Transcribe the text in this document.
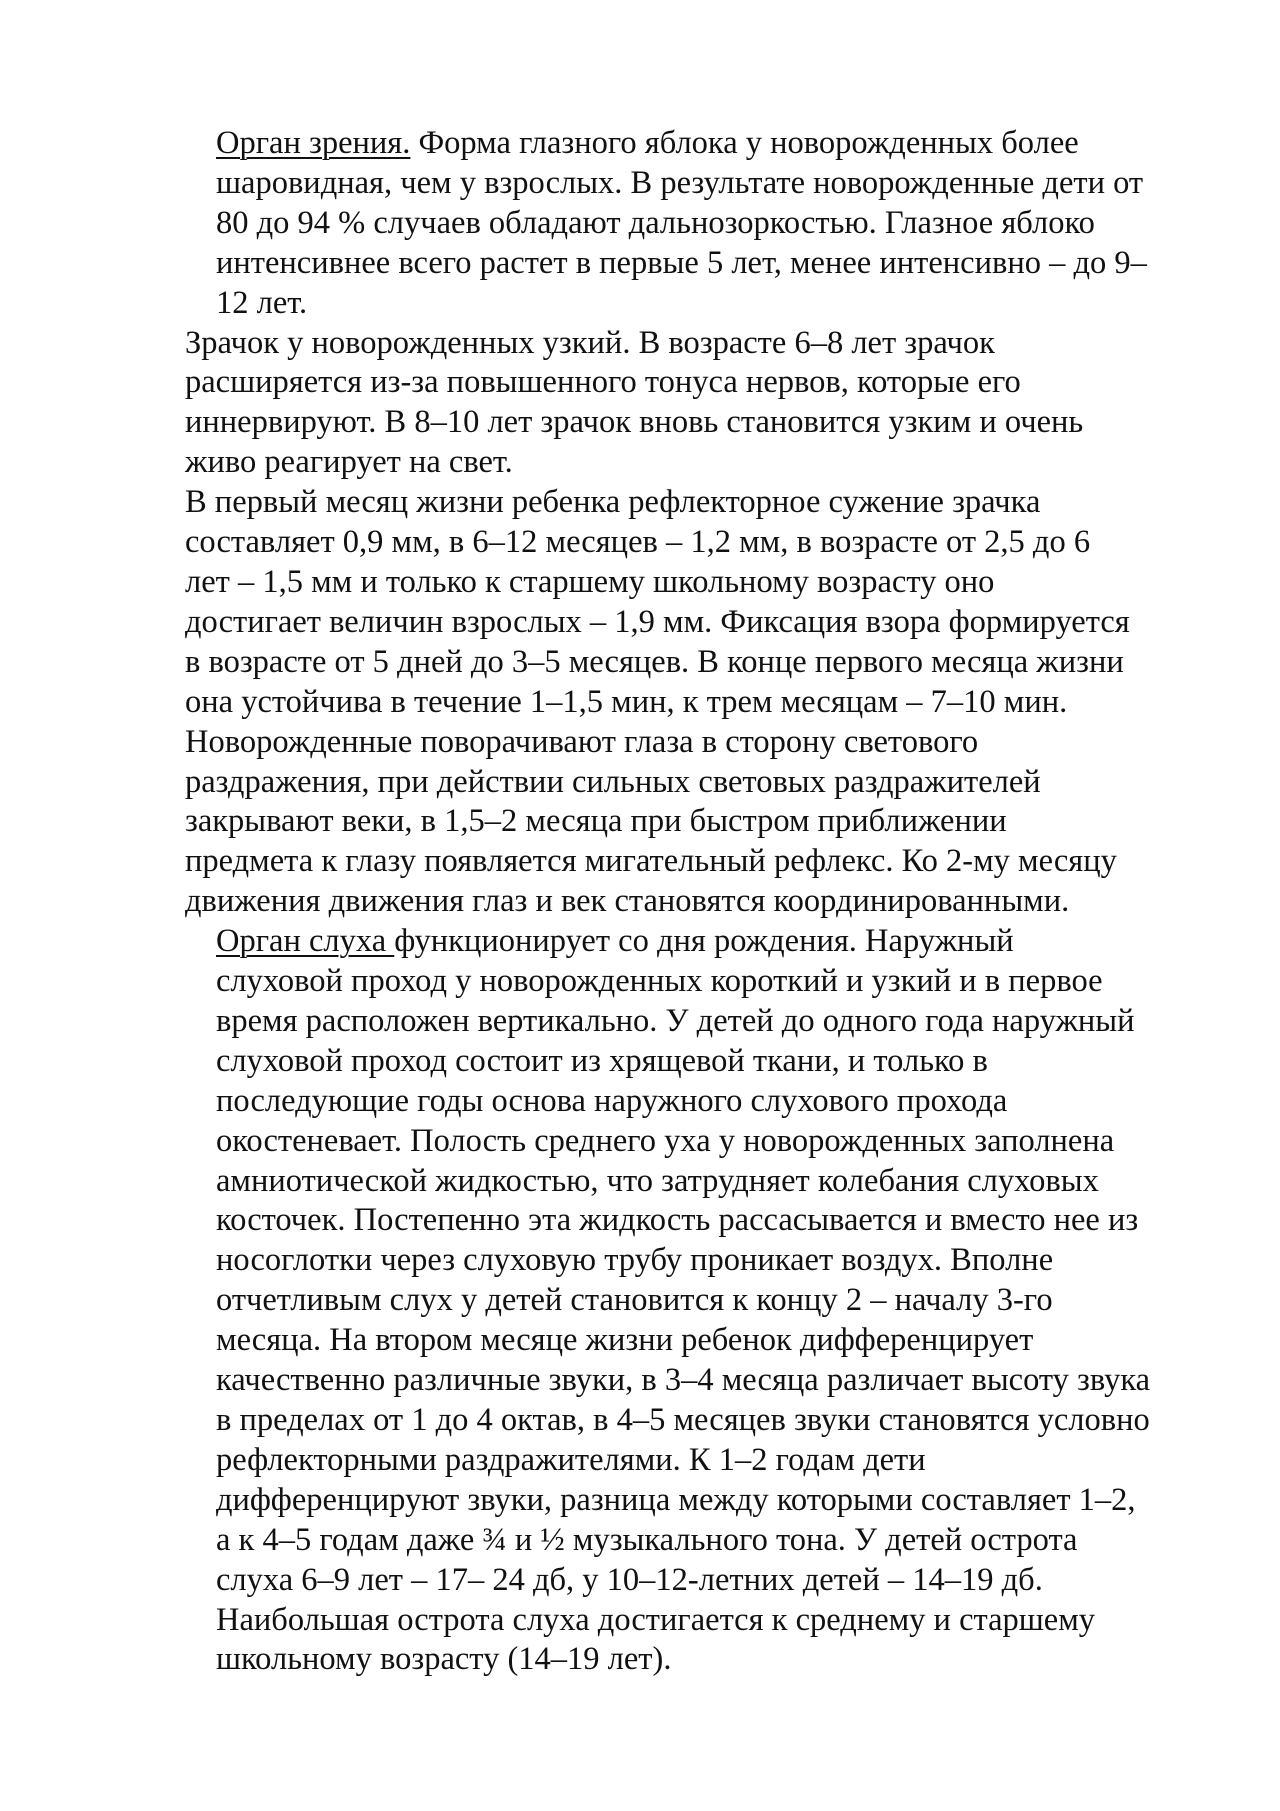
Орган зрения. Форма глазного яблока у новорожденных более
шаровидная, чем у взрослых. В результате новорожденные дети от
80 до 94 % случаев обладают дальнозоркостью. Глазное яблоко
интенсивнее всего растет в первые 5 лет, менее интенсивно – до 9–
12 лет.

Зрачок у новорожденных узкий. В возрасте 6–8 лет зрачок
расширяется из-за повышенного тонуса нервов, которые его
иннервируют. В 8–10 лет зрачок вновь становится узким и очень
живо реагирует на свет.

В первый месяц жизни ребенка рефлекторное сужение зрачка
составляет 0,9 мм, в 6–12 месяцев – 1,2 мм, в возрасте от 2,5 до 6
лет – 1,5 мм и только к старшему школьному возрасту оно
достигает величин взрослых – 1,9 мм. Фиксация взора формируется
в возрасте от 5 дней до 3–5 месяцев. В конце первого месяца жизни
она устойчива в течение 1–1,5 мин, к трем месяцам – 7–10 мин.
Новорожденные поворачивают глаза в сторону светового
раздражения, при действии сильных световых раздражителей
закрывают веки, в 1,5–2 месяца при быстром приближении
предмета к глазу появляется мигательный рефлекс. Ко 2-му месяцу
движения движения глаз и век становятся координированными.

Орган слуха функционирует со дня рождения. Наружный
слуховой проход у новорожденных короткий и узкий и в первое
время расположен вертикально. У детей до одного года наружный
слуховой проход состоит из хрящевой ткани, и только в
последующие годы основа наружного слухового прохода
окостеневает. Полость среднего уха у новорожденных заполнена
амниотической жидкостью, что затрудняет колебания слуховых
косточек. Постепенно эта жидкость рассасывается и вместо нее из
носоглотки через слуховую трубу проникает воздух. Вполне
отчетливым слух у детей становится к концу 2 – началу 3-го
месяца. На втором месяце жизни ребенок дифференцирует
качественно различные звуки, в 3–4 месяца различает высоту звука
в пределах от 1 до 4 октав, в 4–5 месяцев звуки становятся условно
рефлекторными раздражителями. К 1–2 годам дети
дифференцируют звуки, разница между которыми составляет 1–2,
а к 4–5 годам даже ¾ и ½ музыкального тона. У детей острота
слуха 6–9 лет – 17– 24 дб, у 10–12-летних детей – 14–19 дб.
Наибольшая острота слуха достигается к среднему и старшему
школьному возрасту (14–19 лет).
